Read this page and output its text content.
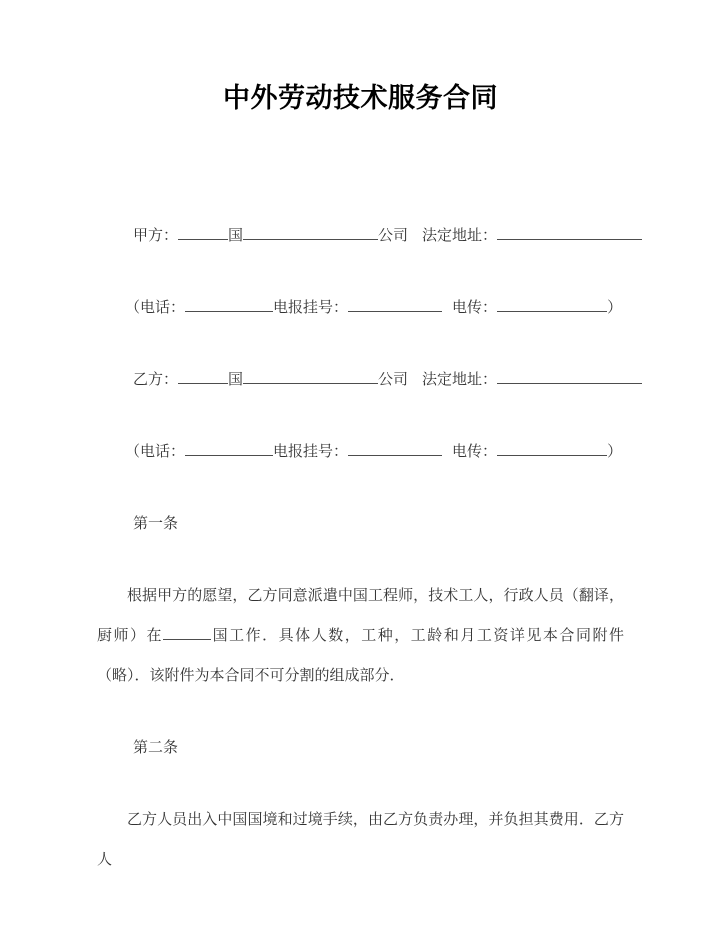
中外劳动技术服务合同
甲方：	国	公司 法定地址：
（电话：	电报挂号：	电传：	）
乙方：	国	公司 法定地址：
（电话：	电报挂号：	电传：	）
第一条

根据甲方的愿望，乙方同意派遣中国工程师，技术工人，行政人员（翻译，厨师）在	国工作．具体人数，工种，工龄和月工资详见本合同附件（略）．该附件为本合同不可分割的组成部分．

第二条

乙方人员出入中国国境和过境手续，由乙方负责办理，并负担其费用．乙方人
